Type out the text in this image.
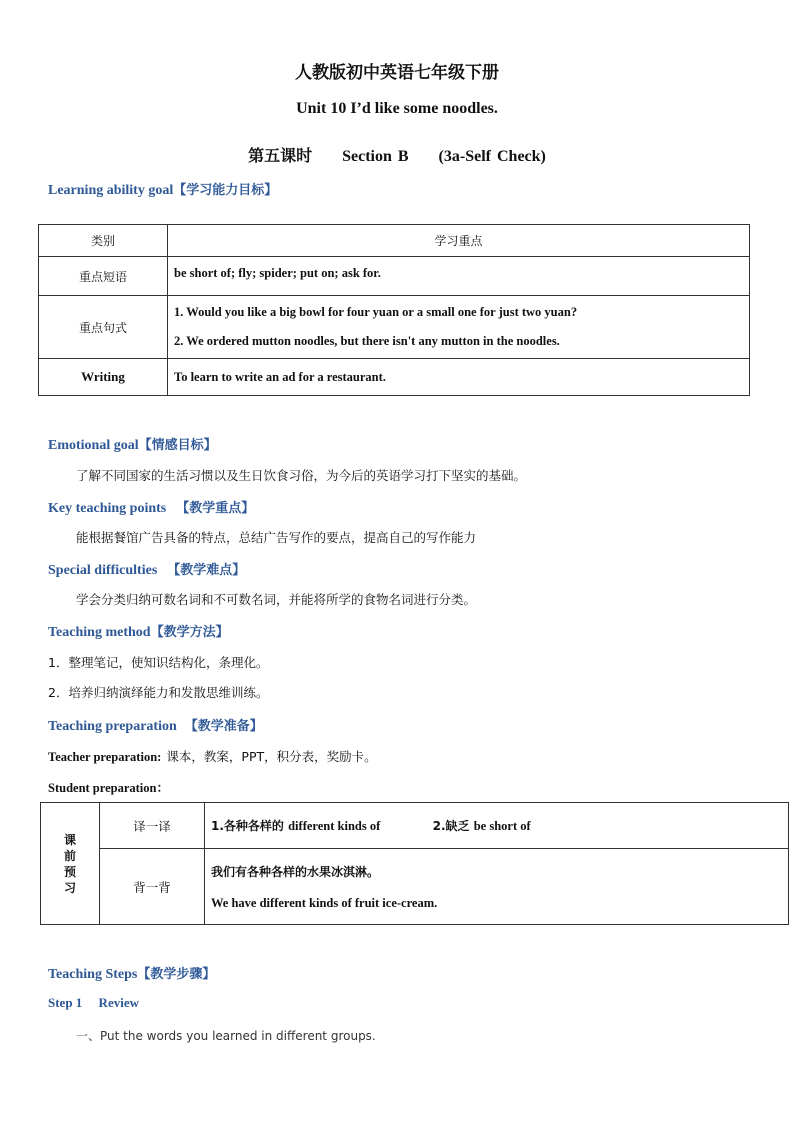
人教版初中英语七年级下册
Unit 10 I’d like some noodles.
第五课时     Section B     (3a-Self Check)
Learning ability goal【学习能力目标】
类别	学习重点
重点短语	be short of; fly; spider; put on; ask for.
重点句式	1. Would you like a big bowl for four yuan or a small one for just two yuan?
2. We ordered mutton noodles, but there isn't any mutton in the noodles.

Writing	To learn to write an ad for a restaurant.
Emotional goal【情感目标】
了解不同国家的生活习惯以及生日饮食习俗，为今后的英语学习打下坚实的基础。
Key teaching points 【教学重点】
能根据餐馆广告具备的特点，总结广告写作的要点，提高自己的写作能力
Special difficulties 【教学难点】
学会分类归纳可数名词和不可数名词，并能将所学的食物名词进行分类。
Teaching method【教学方法】
1．整理笔记，使知识结构化，条理化。
2．培养归纳演绎能力和发散思维训练。
Teaching preparation 【教学准备】
Teacher preparation: 课本，教案，PPT，积分表，奖励卡。
Student preparation：
课前预习	译一译	1.各种各样的 different kinds of 2.缺乏 be short of
	背一背	我们有各种各样的水果冰淇淋。
We have different kinds of fruit ice-cream.
Teaching Steps【教学步骤】
Step 1     Review
一、Put the words you learned in different groups.
